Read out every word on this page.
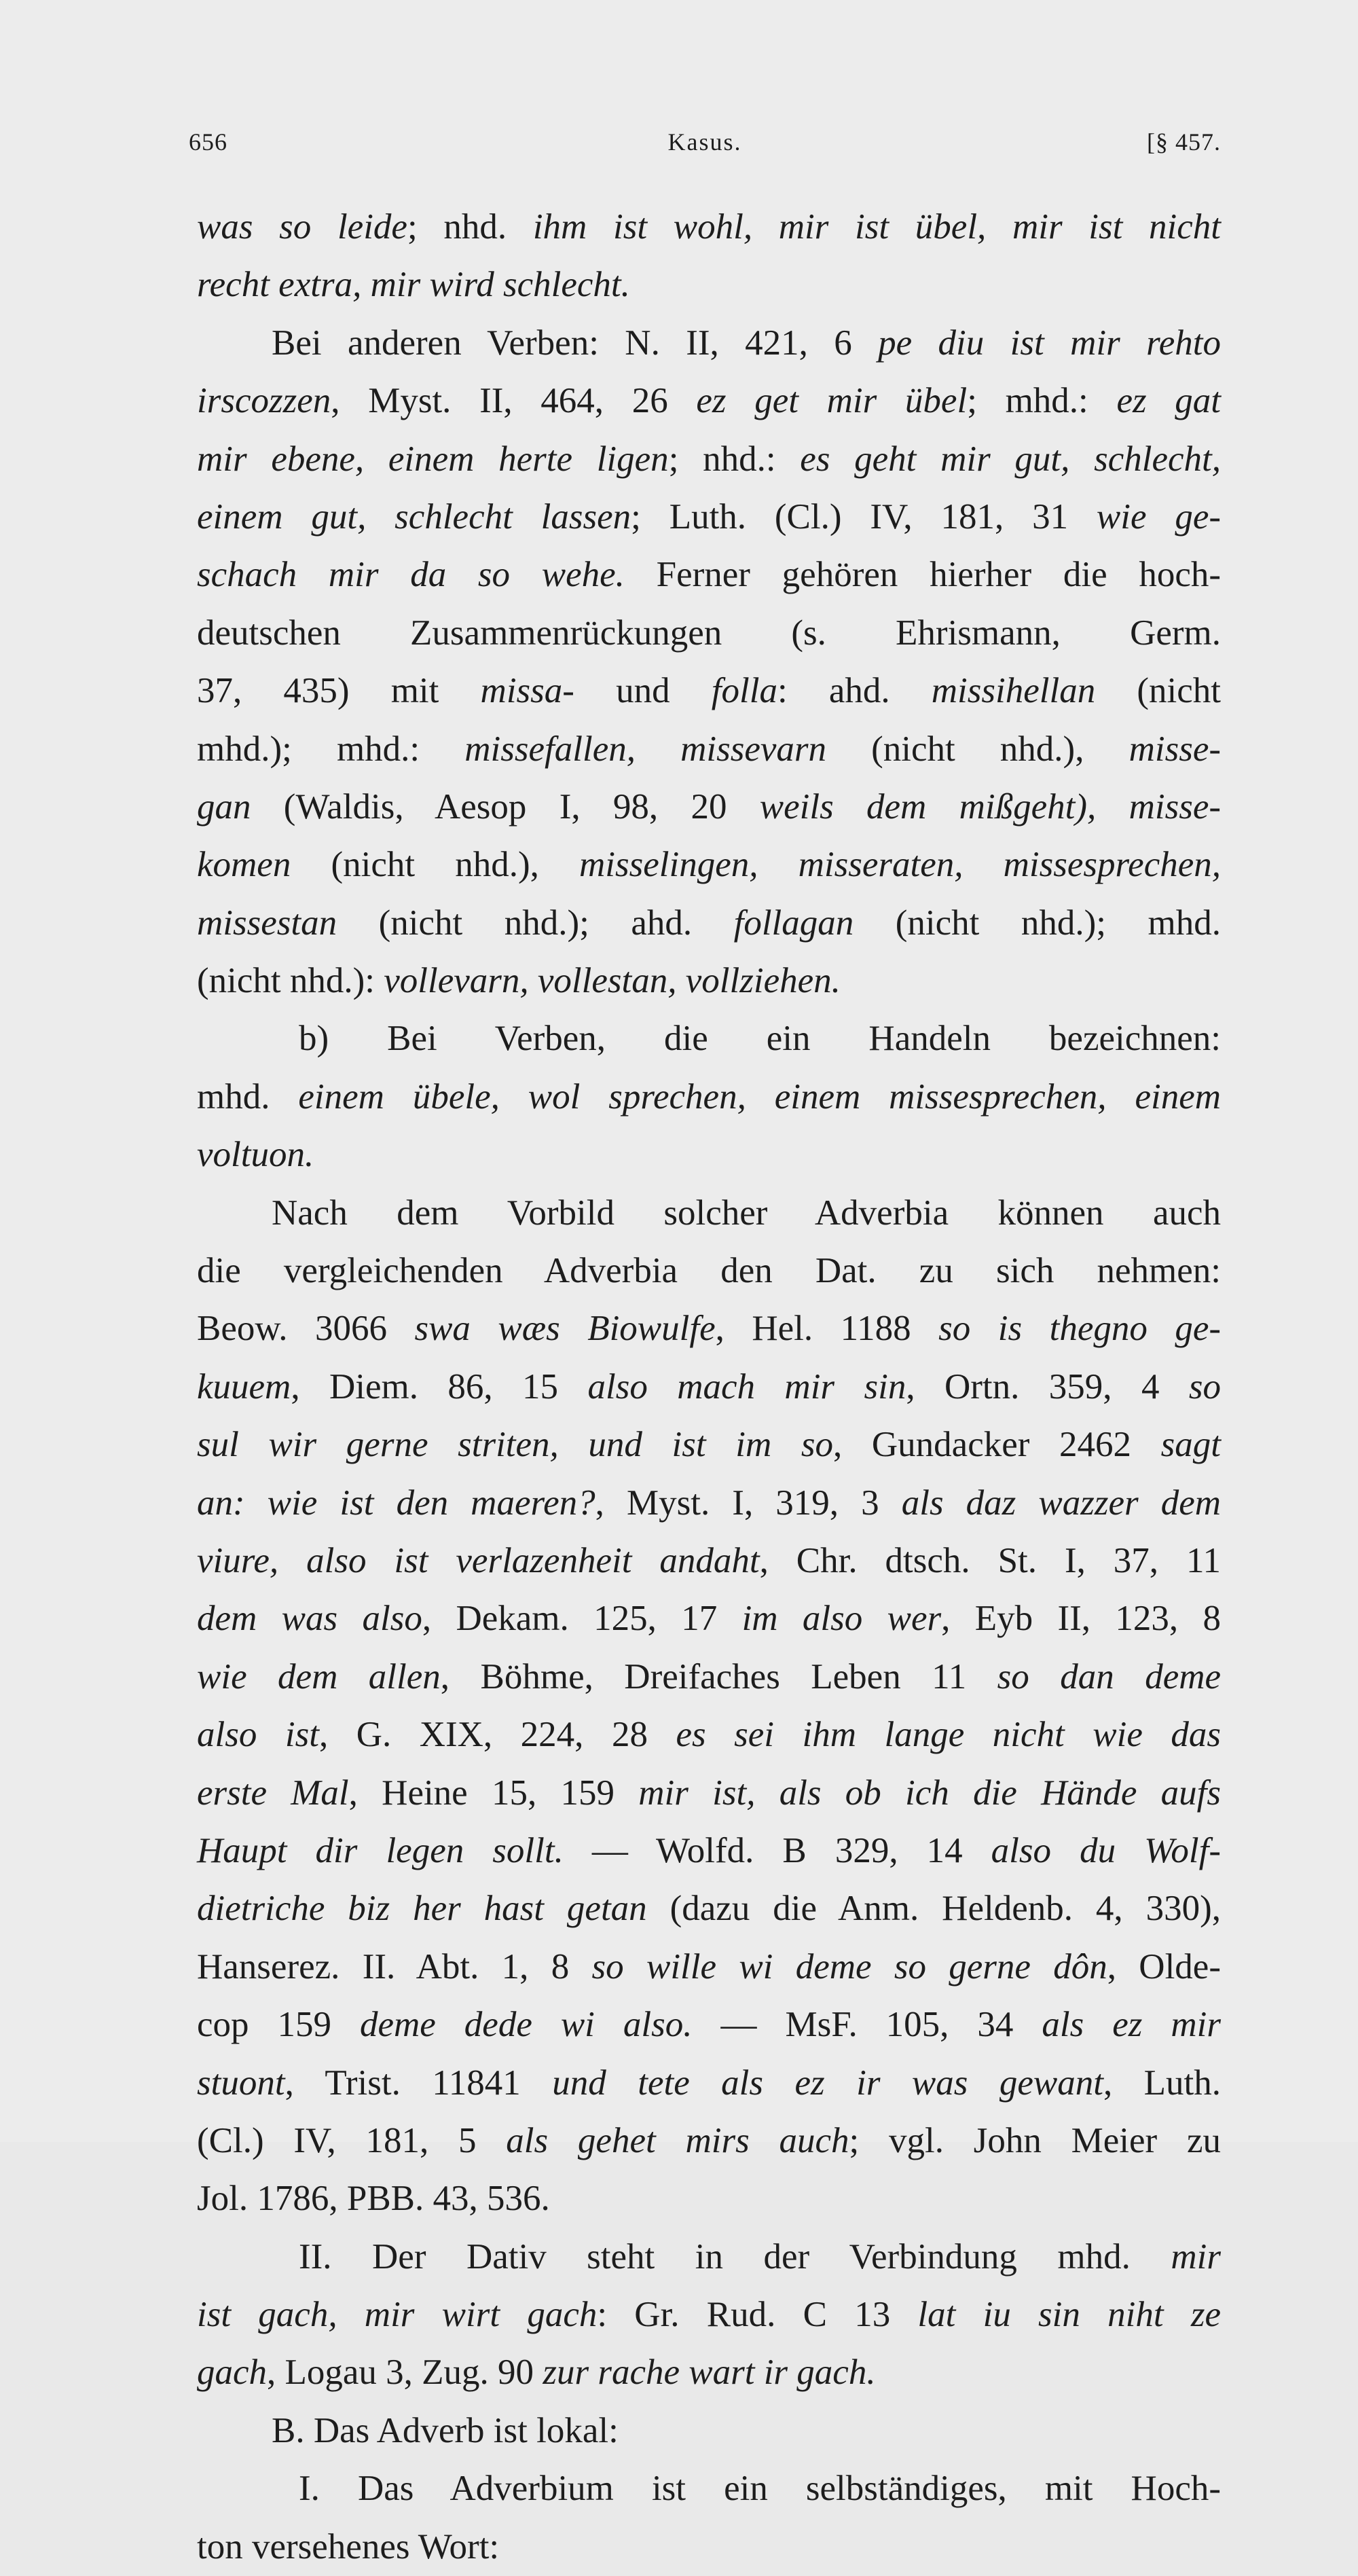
656	Kasus.	[§ 457.
was so leide; nhd. ihm ist wohl, mir ist übel, mir ist nicht
recht extra, mir wird schlecht.
Bei anderen Verben: N. II, 421, 6 pe diu ist mir rehto
irscozzen, Myst. II, 464, 26 ez get mir übel; mhd.: ez gat
mir ebene, einem herte ligen; nhd.: es geht mir gut, schlecht,
einem gut, schlecht lassen; Luth. (Cl.) IV, 181, 31 wie ge-
schach mir da so wehe. Ferner gehören hierher die hoch-
deutschen Zusammenrückungen (s. Ehrismann, Germ.
37, 435) mit missa- und folla: ahd. missihellan (nicht
mhd.); mhd.: missefallen, missevarn (nicht nhd.), misse-
gan (Waldis, Aesop I, 98, 20 weils dem mißgeht), misse-
komen (nicht nhd.), misselingen, misseraten, missesprechen,
missestan (nicht nhd.); ahd. follagan (nicht nhd.); mhd.
(nicht nhd.): vollevarn, vollestan, vollziehen.
b) Bei Verben, die ein Handeln bezeichnen:
mhd. einem übele, wol sprechen, einem missesprechen, einem
voltuon.
Nach dem Vorbild solcher Adverbia können auch
die vergleichenden Adverbia den Dat. zu sich nehmen:
Beow. 3066 swa wæs Biowulfe, Hel. 1188 so is thegno ge-
kuuem, Diem. 86, 15 also mach mir sin, Ortn. 359, 4 so
sul wir gerne striten, und ist im so, Gundacker 2462 sagt
an: wie ist den maeren?, Myst. I, 319, 3 als daz wazzer dem
viure, also ist verlazenheit andaht, Chr. dtsch. St. I, 37, 11
dem was also, Dekam. 125, 17 im also wer, Eyb II, 123, 8
wie dem allen, Böhme, Dreifaches Leben 11 so dan deme
also ist, G. XIX, 224, 28 es sei ihm lange nicht wie das
erste Mal, Heine 15, 159 mir ist, als ob ich die Hände aufs
Haupt dir legen sollt. — Wolfd. B 329, 14 also du Wolf-
dietriche biz her hast getan (dazu die Anm. Heldenb. 4, 330),
Hanserez. II. Abt. 1, 8 so wille wi deme so gerne dôn, Olde-
cop 159 deme dede wi also. — MsF. 105, 34 als ez mir
stuont, Trist. 11841 und tete als ez ir was gewant, Luth.
(Cl.) IV, 181, 5 als gehet mirs auch; vgl. John Meier zu
Jol. 1786, PBB. 43, 536.
II. Der Dativ steht in der Verbindung mhd. mir
ist gach, mir wirt gach: Gr. Rud. C 13 lat iu sin niht ze
gach, Logau 3, Zug. 90 zur rache wart ir gach.
B. Das Adverb ist lokal:
I. Das Adverbium ist ein selbständiges, mit Hoch-
ton versehenes Wort:
